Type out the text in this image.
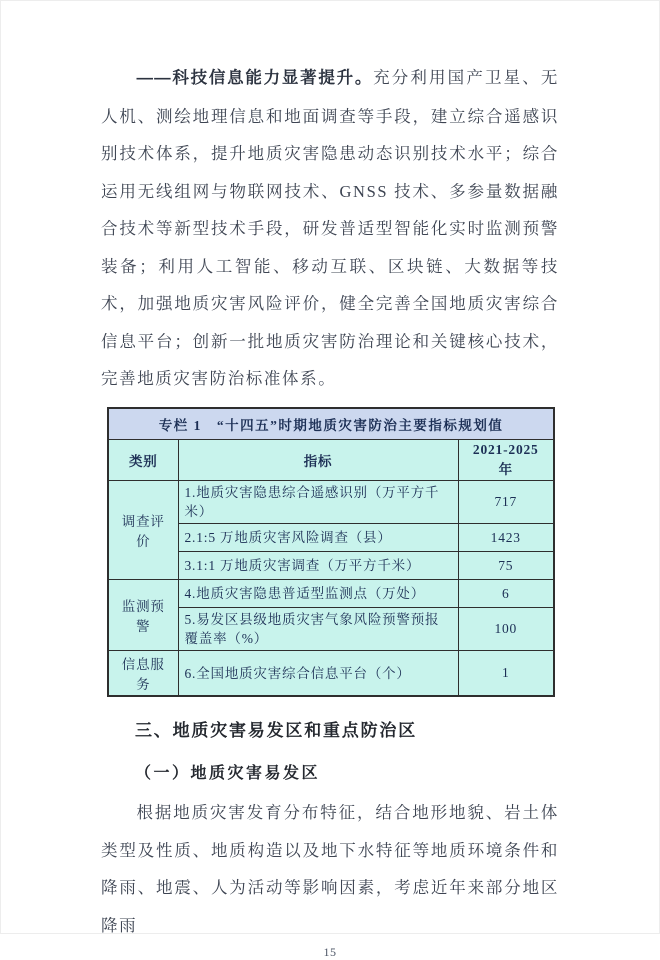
——科技信息能力显著提升。充分利用国产卫星、无人机、测绘地理信息和地面调查等手段，建立综合遥感识别技术体系，提升地质灾害隐患动态识别技术水平；综合运用无线组网与物联网技术、GNSS 技术、多参量数据融合技术等新型技术手段，研发普适型智能化实时监测预警装备；利用人工智能、移动互联、区块链、大数据等技术，加强地质灾害风险评价，健全完善全国地质灾害综合信息平台；创新一批地质灾害防治理论和关键核心技术，完善地质灾害防治标准体系。

专栏 1　“十四五”时期地质灾害防治主要指标规划值		
类别	指标	2021-2025 年
调查评价	1.地质灾害隐患综合遥感识别（万平方千米）	717
	2.1:5 万地质灾害风险调查（县）	1423
	3.1:1 万地质灾害调查（万平方千米）	75
监测预警	4.地质灾害隐患普适型监测点（万处）	6
	5.易发区县级地质灾害气象风险预警预报覆盖率（%）	100
信息服务	6.全国地质灾害综合信息平台（个）	1
三、地质灾害易发区和重点防治区
（一）地质灾害易发区

根据地质灾害发育分布特征，结合地形地貌、岩土体类型及性质、地质构造以及地下水特征等地质环境条件和降雨、地震、人为活动等影响因素，考虑近年来部分地区降雨

15
